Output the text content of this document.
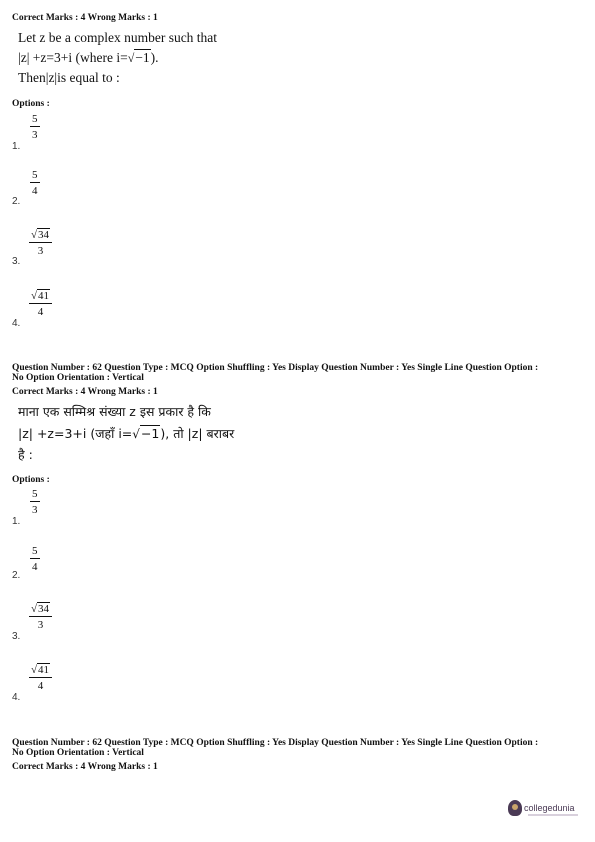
Correct Marks : 4 Wrong Marks : 1
Let z be a complex number such that
|z| +z=3+i (where i=√−1).
Then|z|is equal to :
Options :
1.
$\frac{5}{3}$
2.
$\frac{5}{4}$
3.
$\frac{√34}{3}$
4.
$\frac{√41}{4}$
Question Number : 62 Question Type : MCQ Option Shuffling : Yes Display Question Number : Yes Single Line Question Option :
No Option Orientation : Vertical
Correct Marks : 4 Wrong Marks : 1
माना एक सम्मिश्र संख्या z इस प्रकार है कि
|z| +z=3+i (जहाँ i=√−1), तो |z| बराबर
है :
Options :
1.
$\frac{5}{3}$
2.
$\frac{5}{4}$
3.
$\frac{√34}{3}$
4.
$\frac{√41}{4}$
Question Number : 62 Question Type : MCQ Option Shuffling : Yes Display Question Number : Yes Single Line Question Option :
No Option Orientation : Vertical
Correct Marks : 4 Wrong Marks : 1
collegedunia
